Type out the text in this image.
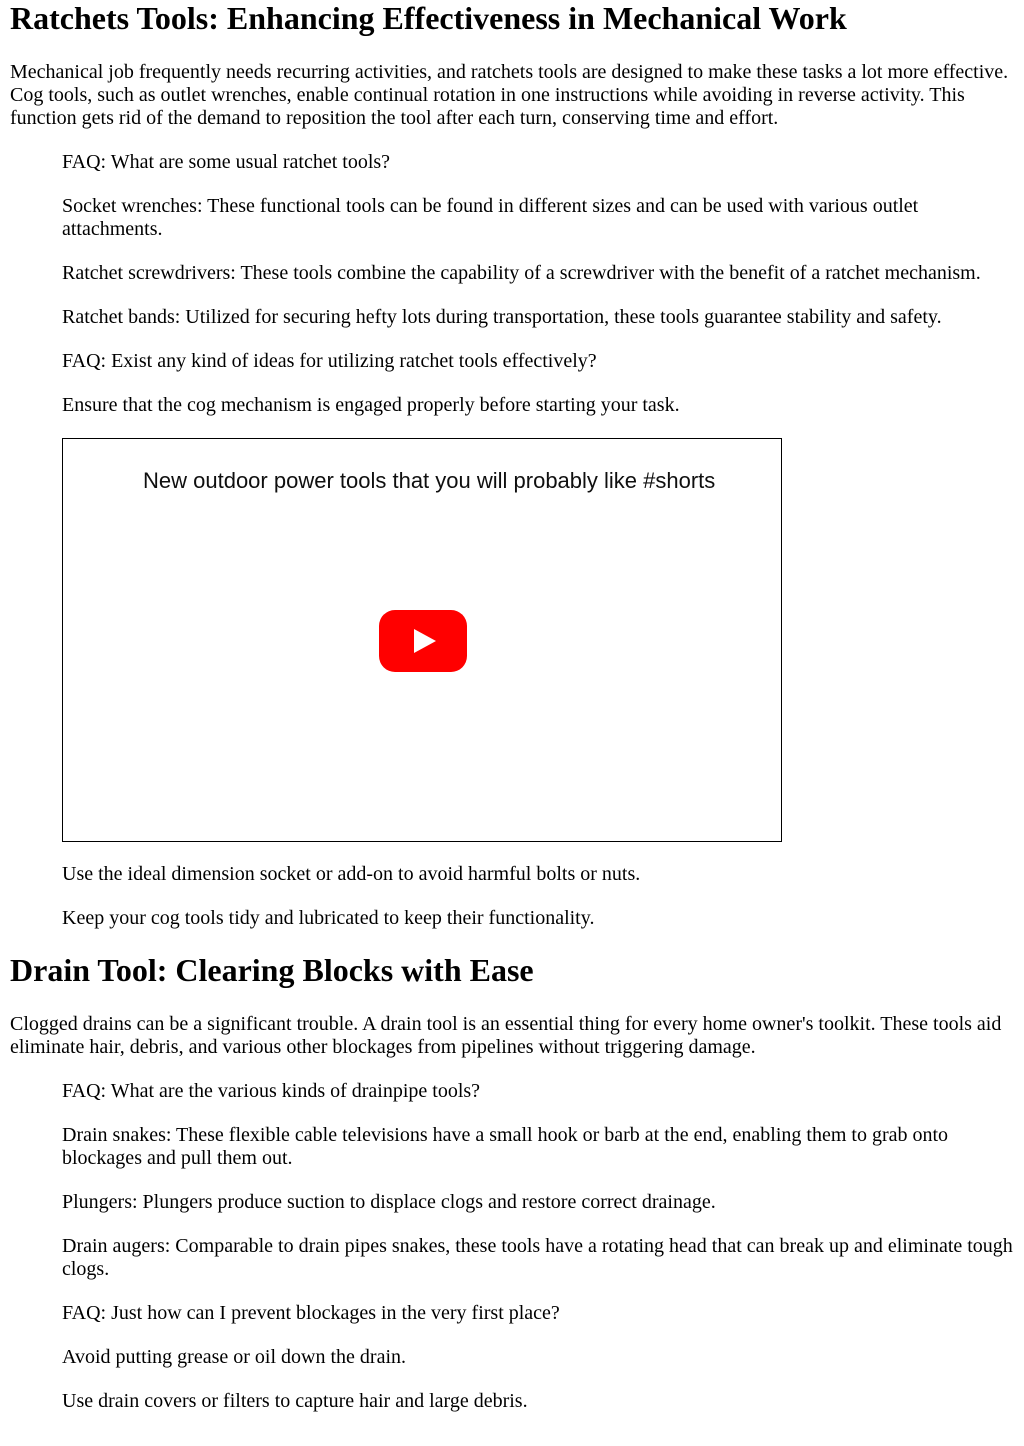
Ratchets Tools: Enhancing Effectiveness in Mechanical Work

Mechanical job frequently needs recurring activities, and ratchets tools are designed to make these tasks a lot more effective. Cog tools, such as outlet wrenches, enable continual rotation in one instructions while avoiding in reverse activity. This function gets rid of the demand to reposition the tool after each turn, conserving time and effort.

FAQ: What are some usual ratchet tools?
Socket wrenches: These functional tools can be found in different sizes and can be used with various outlet attachments.
Ratchet screwdrivers: These tools combine the capability of a screwdriver with the benefit of a ratchet mechanism.
Ratchet bands: Utilized for securing hefty lots during transportation, these tools guarantee stability and safety.
FAQ: Exist any kind of ideas for utilizing ratchet tools effectively?
Ensure that the cog mechanism is engaged properly before starting your task.
New outdoor power tools that you will probably like #shorts
Use the ideal dimension socket or add-on to avoid harmful bolts or nuts.
Keep your cog tools tidy and lubricated to keep their functionality.
Drain Tool: Clearing Blocks with Ease

Clogged drains can be a significant trouble. A drain tool is an essential thing for every home owner's toolkit. These tools aid eliminate hair, debris, and various other blockages from pipelines without triggering damage.

FAQ: What are the various kinds of drainpipe tools?
Drain snakes: These flexible cable televisions have a small hook or barb at the end, enabling them to grab onto blockages and pull them out.
Plungers: Plungers produce suction to displace clogs and restore correct drainage.
Drain augers: Comparable to drain pipes snakes, these tools have a rotating head that can break up and eliminate tough clogs.
FAQ: Just how can I prevent blockages in the very first place?
Avoid putting grease or oil down the drain.
Use drain covers or filters to capture hair and large debris.
